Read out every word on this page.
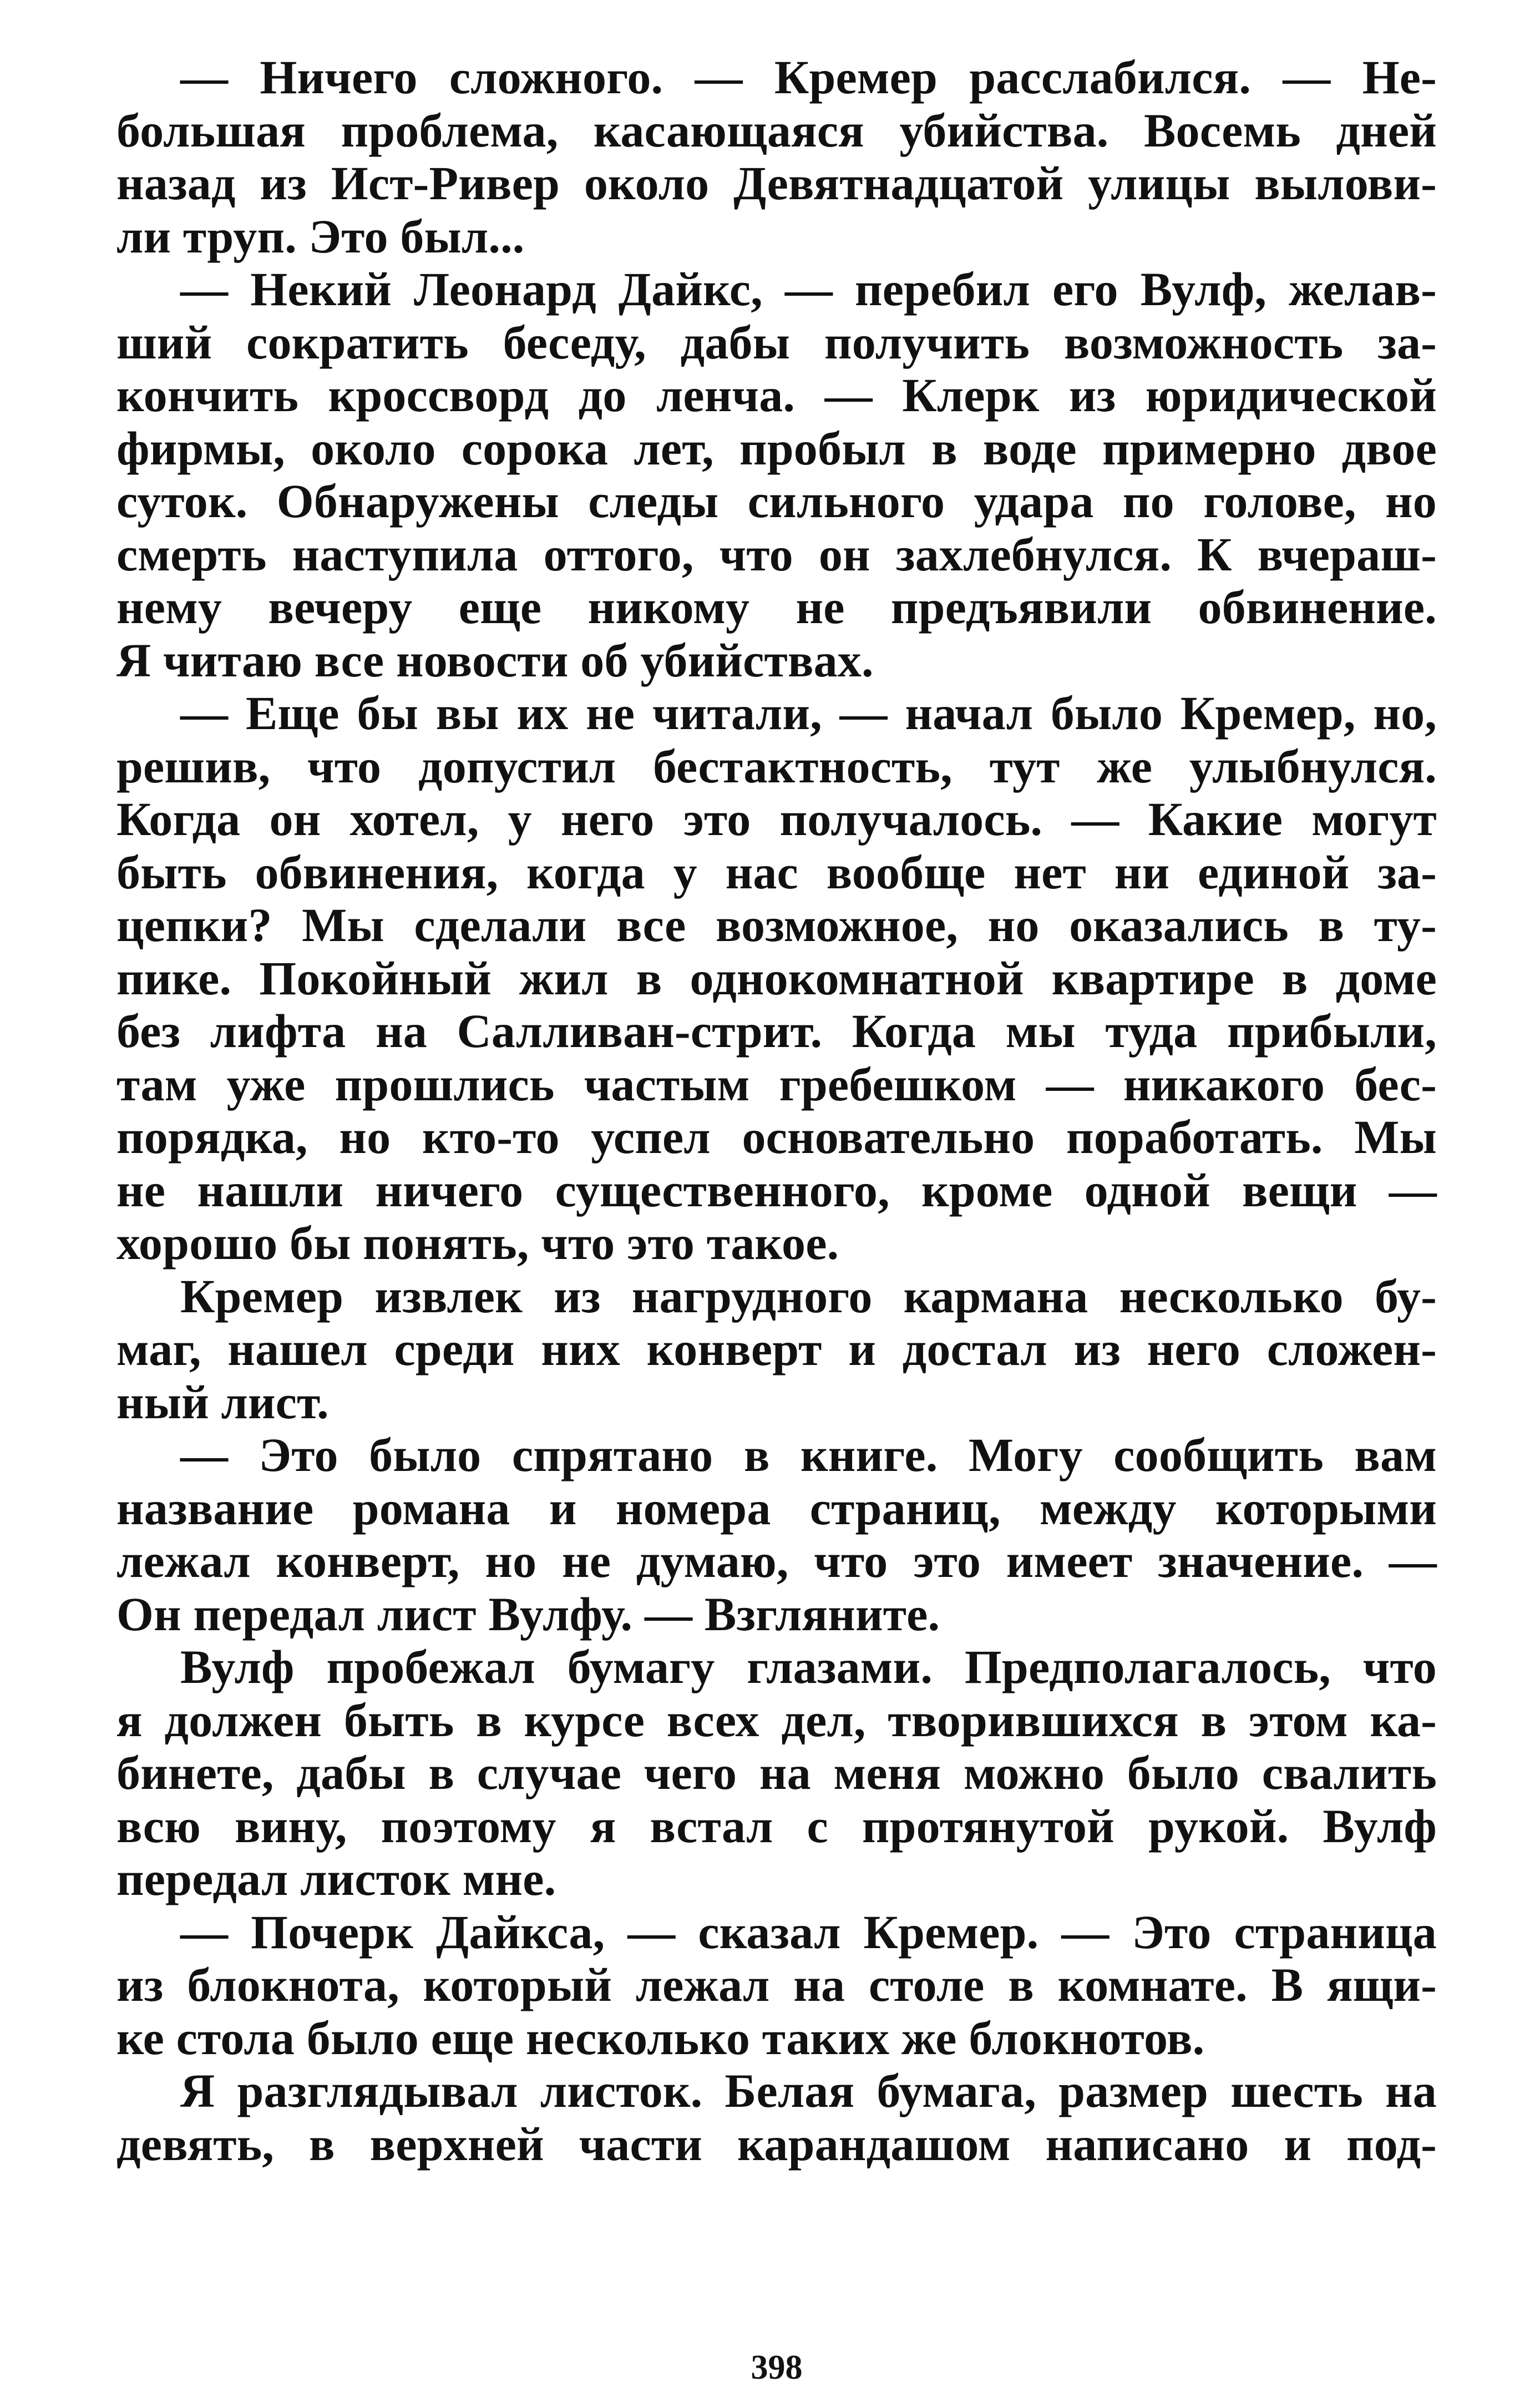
— Ничего сложного. — Кремер расслабился. — Не-
большая проблема, касающаяся убийства. Восемь дней
назад из Ист-Ривер около Девятнадцатой улицы вылови-
ли труп. Это был...
— Некий Леонард Дайкс, — перебил его Вулф, желав-
ший сократить беседу, дабы получить возможность за-
кончить кроссворд до ленча. — Клерк из юридической
фирмы, около сорока лет, пробыл в воде примерно двое
суток. Обнаружены следы сильного удара по голове, но
смерть наступила оттого, что он захлебнулся. К вчераш-
нему вечеру еще никому не предъявили обвинение.
Я читаю все новости об убийствах.
— Еще бы вы их не читали, — начал было Кремер, но,
решив, что допустил бестактность, тут же улыбнулся.
Когда он хотел, у него это получалось. — Какие могут
быть обвинения, когда у нас вообще нет ни единой за-
цепки? Мы сделали все возможное, но оказались в ту-
пике. Покойный жил в однокомнатной квартире в доме
без лифта на Салливан-стрит. Когда мы туда прибыли,
там уже прошлись частым гребешком — никакого бес-
порядка, но кто-то успел основательно поработать. Мы
не нашли ничего существенного, кроме одной вещи —
хорошо бы понять, что это такое.
Кремер извлек из нагрудного кармана несколько бу-
маг, нашел среди них конверт и достал из него сложен-
ный лист.
— Это было спрятано в книге. Могу сообщить вам
название романа и номера страниц, между которыми
лежал конверт, но не думаю, что это имеет значение. —
Он передал лист Вулфу. — Взгляните.
Вулф пробежал бумагу глазами. Предполагалось, что
я должен быть в курсе всех дел, творившихся в этом ка-
бинете, дабы в случае чего на меня можно было свалить
всю вину, поэтому я встал с протянутой рукой. Вулф
передал листок мне.
— Почерк Дайкса, — сказал Кремер. — Это страница
из блокнота, который лежал на столе в комнате. В ящи-
ке стола было еще несколько таких же блокнотов.
Я разглядывал листок. Белая бумага, размер шесть на
девять, в верхней части карандашом написано и под-
398
